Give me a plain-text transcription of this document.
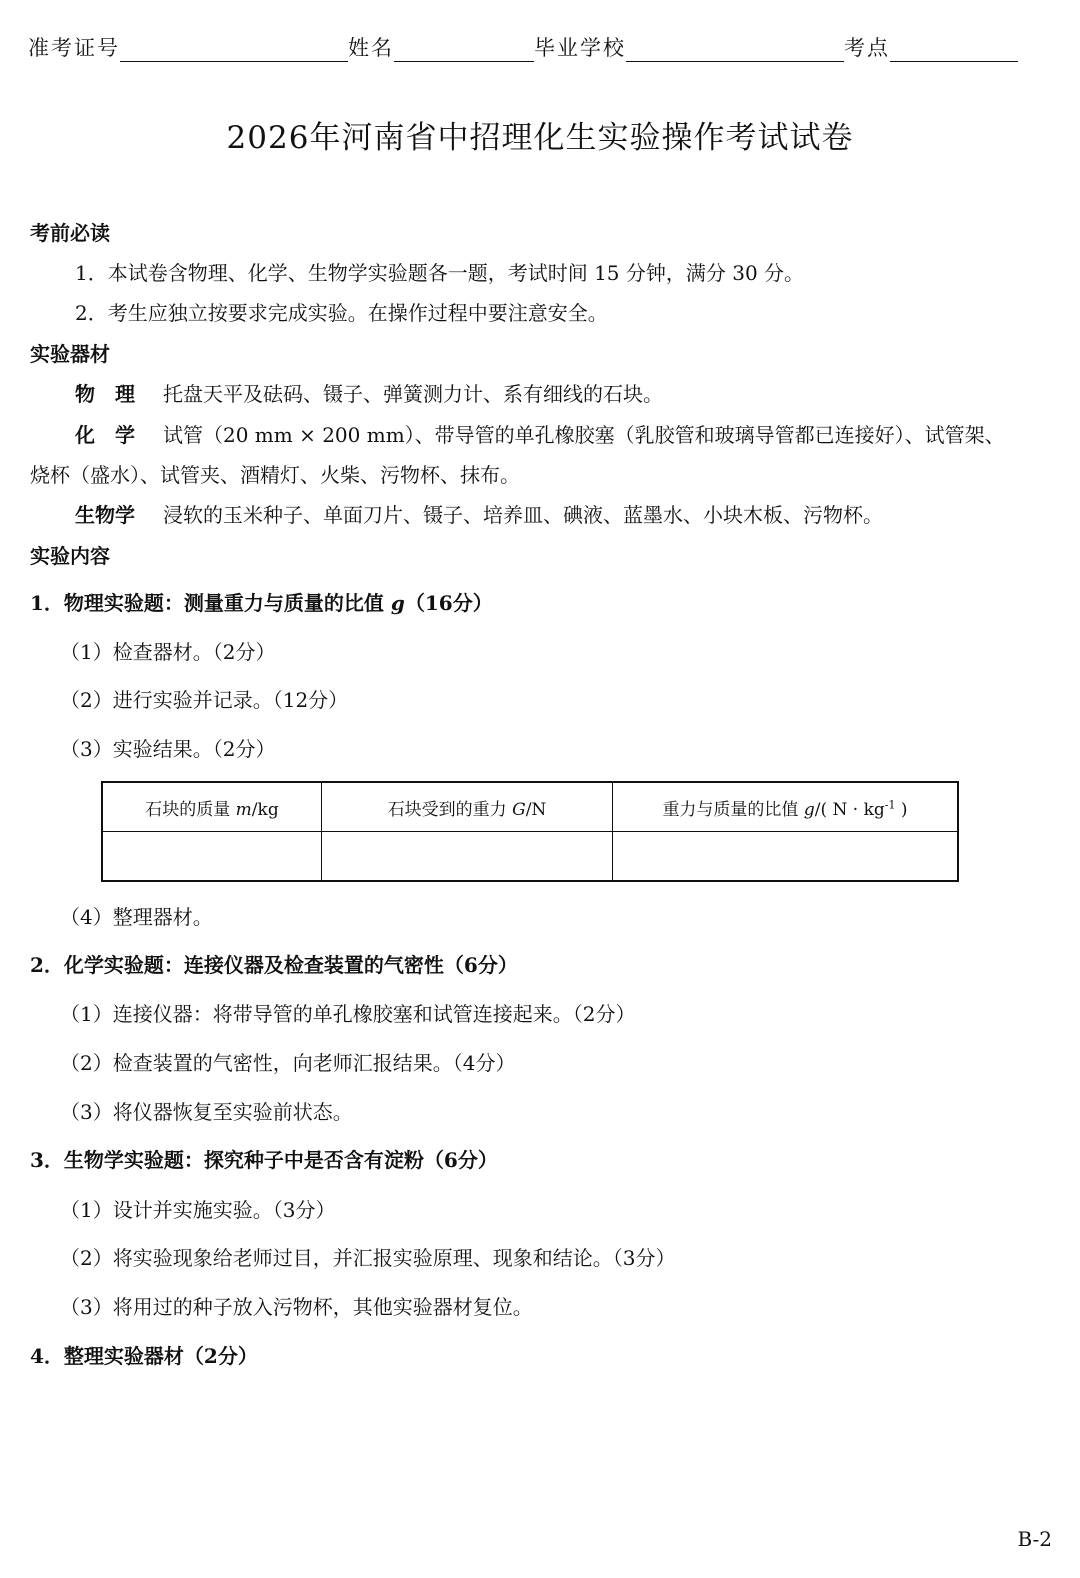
准考证号	姓名	毕业学校	考点
2026年河南省中招理化生实验操作考试试卷
考前必读
1．本试卷含物理、化学、生物学实验题各一题，考试时间 15 分钟，满分 30 分。
2．考生应独立按要求完成实验。在操作过程中要注意安全。
实验器材
物　理 托盘天平及砝码、镊子、弹簧测力计、系有细线的石块。
化　学 试管（20 mm × 200 mm）、带导管的单孔橡胶塞（乳胶管和玻璃导管都已连接好）、试管架、
烧杯（盛水）、试管夹、酒精灯、火柴、污物杯、抹布。
生物学 浸软的玉米种子、单面刀片、镊子、培养皿、碘液、蓝墨水、小块木板、污物杯。
实验内容
1．物理实验题：测量重力与质量的比值 g（16分）
（1）检查器材。（2分）
（2）进行实验并记录。（12分）
（3）实验结果。（2分）
石块的质量 m/kg	石块受到的重力 G/N	重力与质量的比值 g/( $N \cdot kg^{-1}$ )

（4）整理器材。
2．化学实验题：连接仪器及检查装置的气密性（6分）
（1）连接仪器：将带导管的单孔橡胶塞和试管连接起来。（2分）
（2）检查装置的气密性，向老师汇报结果。（4分）
（3）将仪器恢复至实验前状态。
3．生物学实验题：探究种子中是否含有淀粉（6分）
（1）设计并实施实验。（3分）
（2）将实验现象给老师过目，并汇报实验原理、现象和结论。（3分）
（3）将用过的种子放入污物杯，其他实验器材复位。
4．整理实验器材（2分）
B-2
